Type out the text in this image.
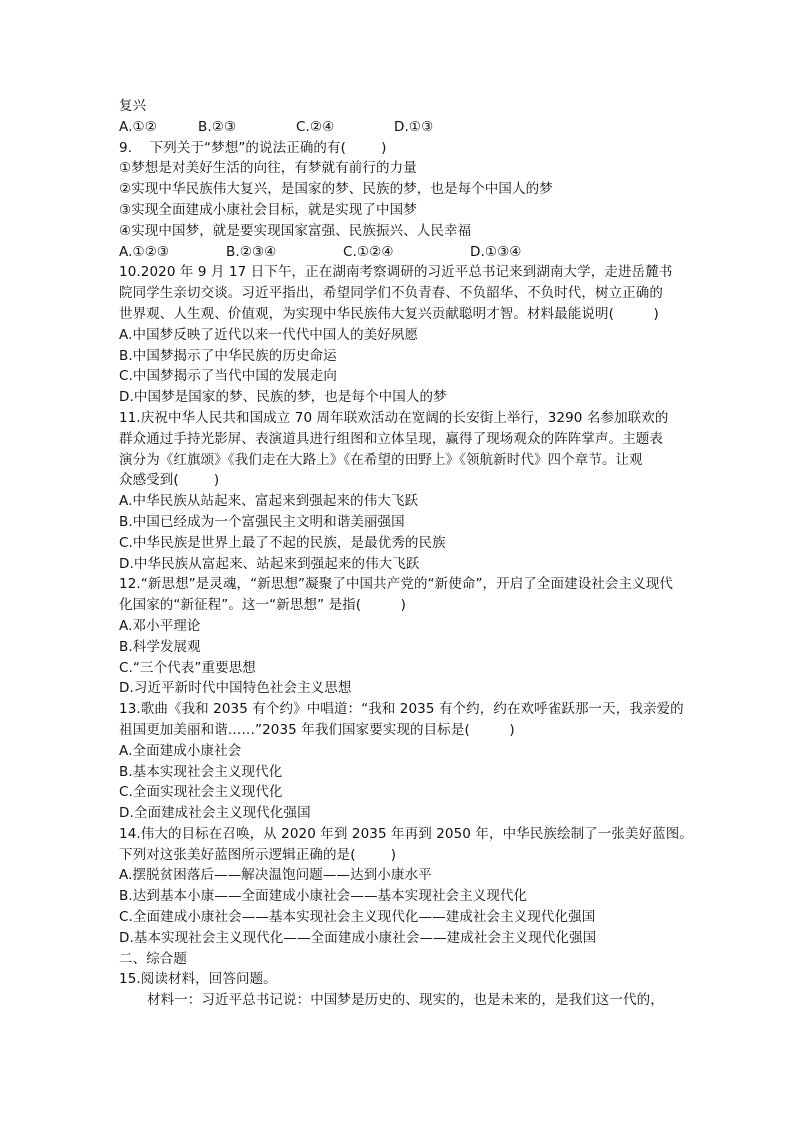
复兴
A.①②	B.②③	C.②④	D.①③
9.    下列关于“梦想”的说法正确的有(        )
①梦想是对美好生活的向往，有梦就有前行的力量
②实现中华民族伟大复兴，是国家的梦、民族的梦，也是每个中国人的梦
③实现全面建成小康社会目标，就是实现了中国梦
④实现中国梦，就是要实现国家富强、民族振兴、人民幸福
A.①②③	B.②③④	C.①②④	D.①③④
10.2020 年 9 月 17 日下午，正在湖南考察调研的习近平总书记来到湖南大学，走进岳麓书
院同学生亲切交谈。习近平指出，希望同学们不负青春、不负韶华、不负时代，树立正确的
世界观、人生观、价值观，为实现中华民族伟大复兴贡献聪明才智。材料最能说明(         )
A.中国梦反映了近代以来一代代中国人的美好夙愿
B.中国梦揭示了中华民族的历史命运
C.中国梦揭示了当代中国的发展走向
D.中国梦是国家的梦、民族的梦，也是每个中国人的梦
11.庆祝中华人民共和国成立 70 周年联欢活动在宽阔的长安街上举行，3290 名参加联欢的
群众通过手持光影屏、表演道具进行组图和立体呈现，赢得了现场观众的阵阵掌声。主题表
演分为《红旗颂》《我们走在大路上》《在希望的田野上》《领航新时代》四个章节。让观
众感受到(        )
A.中华民族从站起来、富起来到强起来的伟大飞跃
B.中国已经成为一个富强民主文明和谐美丽强国
C.中华民族是世界上最了不起的民族，是最优秀的民族
D.中华民族从富起来、站起来到强起来的伟大飞跃
12.“新思想”是灵魂，“新思想”凝聚了中国共产党的“新使命”，开启了全面建设社会主义现代
化国家的“新征程”。这一“新思想” 是指(         )
A.邓小平理论
B.科学发展观
C.“三个代表”重要思想
D.习近平新时代中国特色社会主义思想
13.歌曲《我和 2035 有个约》中唱道：“我和 2035 有个约，约在欢呼雀跃那一天，我亲爱的
祖国更加美丽和谐……”2035 年我们国家要实现的目标是(         )
A.全面建成小康社会
B.基本实现社会主义现代化
C.全面实现社会主义现代化
D.全面建成社会主义现代化强国
14.伟大的目标在召唤，从 2020 年到 2035 年再到 2050 年，中华民族绘制了一张美好蓝图。
下列对这张美好蓝图所示逻辑正确的是(        )
A.摆脱贫困落后——解决温饱问题——达到小康水平
B.达到基本小康——全面建成小康社会——基本实现社会主义现代化
C.全面建成小康社会——基本实现社会主义现代化——建成社会主义现代化强国
D.基本实现社会主义现代化——全面建成小康社会——建成社会主义现代化强国
二、综合题
15.阅读材料，回答问题。
材料一：习近平总书记说：中国梦是历史的、现实的，也是未来的，是我们这一代的，
